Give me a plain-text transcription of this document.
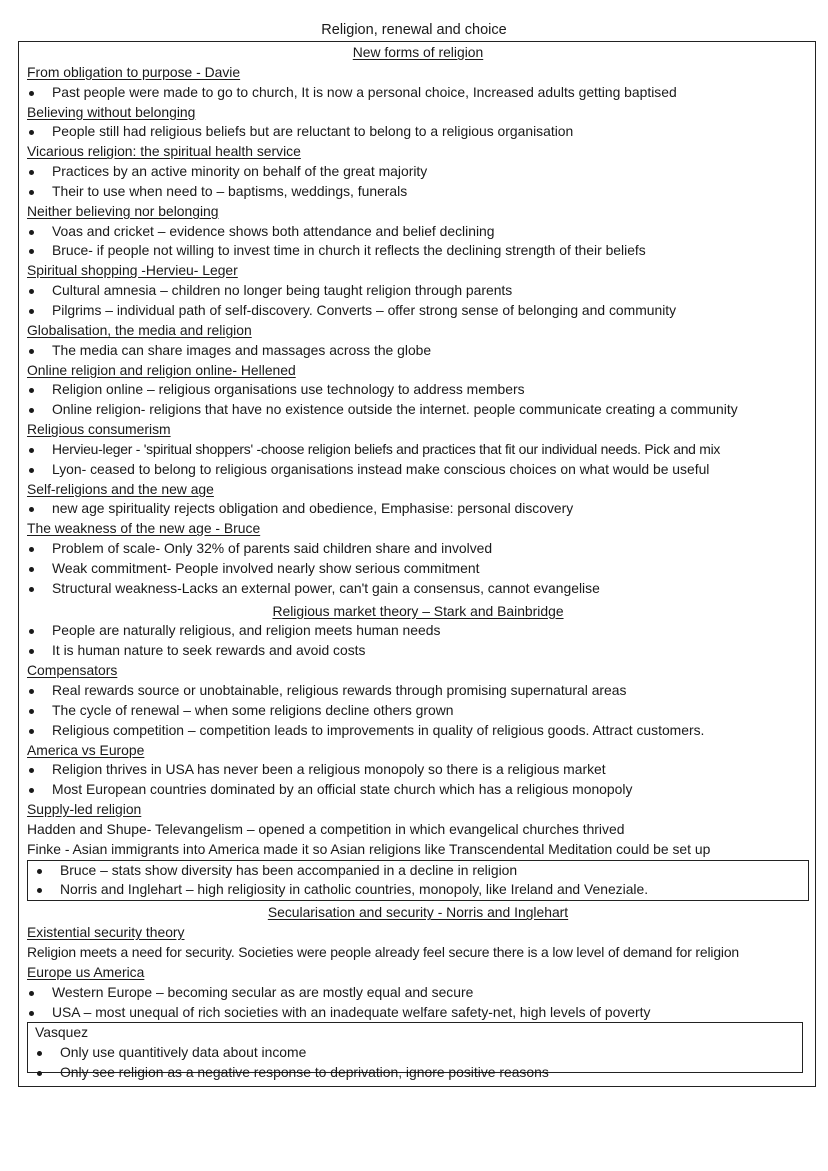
Religion, renewal and choice
New forms of religion
From obligation to purpose - Davie
Past people were made to go to church, It is now a personal choice, Increased adults getting baptised
Believing without belonging
People still had religious beliefs but are reluctant to belong to a religious organisation
Vicarious religion: the spiritual health service
Practices by an active minority on behalf of the great majority
Their to use when need to – baptisms, weddings, funerals
Neither believing nor belonging
Voas and cricket – evidence shows both attendance and belief declining
Bruce- if people not willing to invest time in church it reflects the declining strength of their beliefs
Spiritual shopping -Hervieu- Leger
Cultural amnesia – children no longer being taught religion through parents
Pilgrims – individual path of self-discovery. Converts – offer strong sense of belonging and community
Globalisation, the media and religion
The media can share images and massages across the globe
Online religion and religion online- Hellened
Religion online – religious organisations use technology to address members
Online religion- religions that have no existence outside the internet. people communicate creating a community
Religious consumerism
Hervieu-leger - 'spiritual shoppers' -choose religion beliefs and practices that fit our individual needs. Pick and mix
Lyon- ceased to belong to religious organisations instead make conscious choices on what would be useful
Self-religions and the new age
new age spirituality rejects obligation and obedience, Emphasise: personal discovery
The weakness of the new age - Bruce
Problem of scale- Only 32% of parents said children share and involved
Weak commitment- People involved nearly show serious commitment
Structural weakness-Lacks an external power, can't gain a consensus, cannot evangelise
Religious market theory – Stark and Bainbridge
People are naturally religious, and religion meets human needs
It is human nature to seek rewards and avoid costs
Compensators
Real rewards source or unobtainable, religious rewards through promising supernatural areas
The cycle of renewal – when some religions decline others grown
Religious competition – competition leads to improvements in quality of religious goods. Attract customers.
America vs Europe
Religion thrives in USA has never been a religious monopoly so there is a religious market
Most European countries dominated by an official state church which has a religious monopoly
Supply-led religion
Hadden and Shupe- Televangelism – opened a competition in which evangelical churches thrived
Finke - Asian immigrants into America made it so Asian religions like Transcendental Meditation could be set up
Bruce – stats show diversity has been accompanied in a decline in religion
Norris and Inglehart – high religiosity in catholic countries, monopoly, like Ireland and Veneziale.
Secularisation and security - Norris and Inglehart
Existential security theory
Religion meets a need for security. Societies were people already feel secure there is a low level of demand for religion
Europe us America
Western Europe – becoming secular as are mostly equal and secure
USA – most unequal of rich societies with an inadequate welfare safety-net, high levels of poverty
Vasquez
Only use quantitively data about income
Only see religion as a negative response to deprivation, ignore positive reasons
